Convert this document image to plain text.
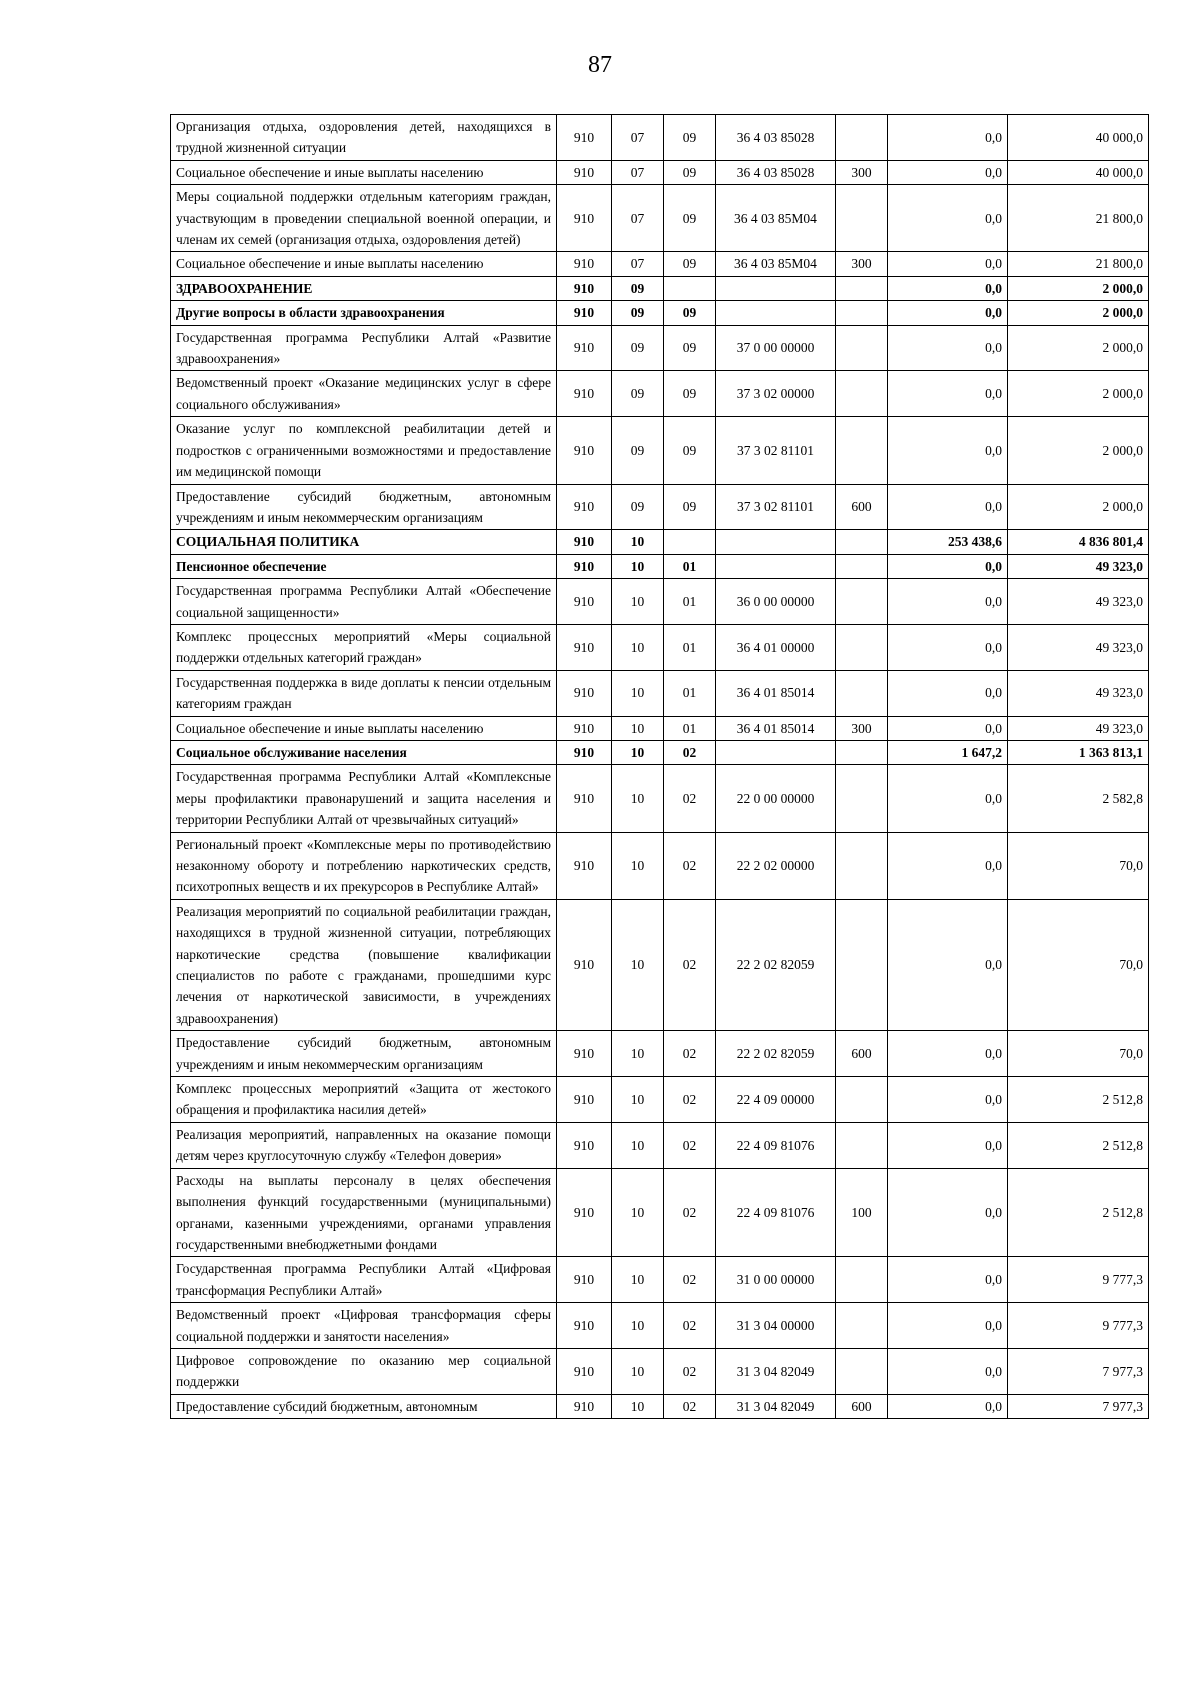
87
Организация отдыха, оздоровления детей, находящихся в трудной жизненной ситуации	910	07	09	36 4 03 85028		0,0	40 000,0
Социальное обеспечение и иные выплаты населению	910	07	09	36 4 03 85028	300	0,0	40 000,0
Меры социальной поддержки отдельным категориям граждан, участвующим в проведении специальной военной операции, и членам их семей (организация отдыха, оздоровления детей)	910	07	09	36 4 03 85М04		0,0	21 800,0
Социальное обеспечение и иные выплаты населению	910	07	09	36 4 03 85М04	300	0,0	21 800,0
ЗДРАВООХРАНЕНИЕ	910	09				0,0	2 000,0
Другие вопросы в области здравоохранения	910	09	09			0,0	2 000,0
Государственная программа Республики Алтай «Развитие здравоохранения»	910	09	09	37 0 00 00000		0,0	2 000,0
Ведомственный проект «Оказание медицинских услуг в сфере социального обслуживания»	910	09	09	37 3 02 00000		0,0	2 000,0
Оказание услуг по комплексной реабилитации детей и подростков с ограниченными возможностями и предоставление им медицинской помощи	910	09	09	37 3 02 81101		0,0	2 000,0
Предоставление субсидий бюджетным, автономным учреждениям и иным некоммерческим организациям	910	09	09	37 3 02 81101	600	0,0	2 000,0
СОЦИАЛЬНАЯ ПОЛИТИКА	910	10				253 438,6	4 836 801,4
Пенсионное обеспечение	910	10	01			0,0	49 323,0
Государственная программа Республики Алтай «Обеспечение социальной защищенности»	910	10	01	36 0 00 00000		0,0	49 323,0
Комплекс процессных мероприятий «Меры социальной поддержки отдельных категорий граждан»	910	10	01	36 4 01 00000		0,0	49 323,0
Государственная поддержка в виде доплаты к пенсии отдельным категориям граждан	910	10	01	36 4 01 85014		0,0	49 323,0
Социальное обеспечение и иные выплаты населению	910	10	01	36 4 01 85014	300	0,0	49 323,0
Социальное обслуживание населения	910	10	02			1 647,2	1 363 813,1
Государственная программа Республики Алтай «Комплексные меры профилактики правонарушений и защита населения и территории Республики Алтай от чрезвычайных ситуаций»	910	10	02	22 0 00 00000		0,0	2 582,8
Региональный проект «Комплексные меры по противодействию незаконному обороту и потреблению наркотических средств, психотропных веществ и их прекурсоров в Республике Алтай»	910	10	02	22 2 02 00000		0,0	70,0
Реализация мероприятий по социальной реабилитации граждан, находящихся в трудной жизненной ситуации, потребляющих наркотические средства (повышение квалификации специалистов по работе с гражданами, прошедшими курс лечения от наркотической зависимости, в учреждениях здравоохранения)	910	10	02	22 2 02 82059		0,0	70,0
Предоставление субсидий бюджетным, автономным учреждениям и иным некоммерческим организациям	910	10	02	22 2 02 82059	600	0,0	70,0
Комплекс процессных мероприятий «Защита от жестокого обращения и профилактика насилия детей»	910	10	02	22 4 09 00000		0,0	2 512,8
Реализация мероприятий, направленных на оказание помощи детям через круглосуточную службу «Телефон доверия»	910	10	02	22 4 09 81076		0,0	2 512,8
Расходы на выплаты персоналу в целях обеспечения выполнения функций государственными (муниципальными) органами, казенными учреждениями, органами управления государственными внебюджетными фондами	910	10	02	22 4 09 81076	100	0,0	2 512,8
Государственная программа Республики Алтай «Цифровая трансформация Республики Алтай»	910	10	02	31 0 00 00000		0,0	9 777,3
Ведомственный проект «Цифровая трансформация сферы социальной поддержки и занятости населения»	910	10	02	31 3 04 00000		0,0	9 777,3
Цифровое сопровождение по оказанию мер социальной поддержки	910	10	02	31 3 04 82049		0,0	7 977,3
Предоставление субсидий бюджетным, автономным	910	10	02	31 3 04 82049	600	0,0	7 977,3
